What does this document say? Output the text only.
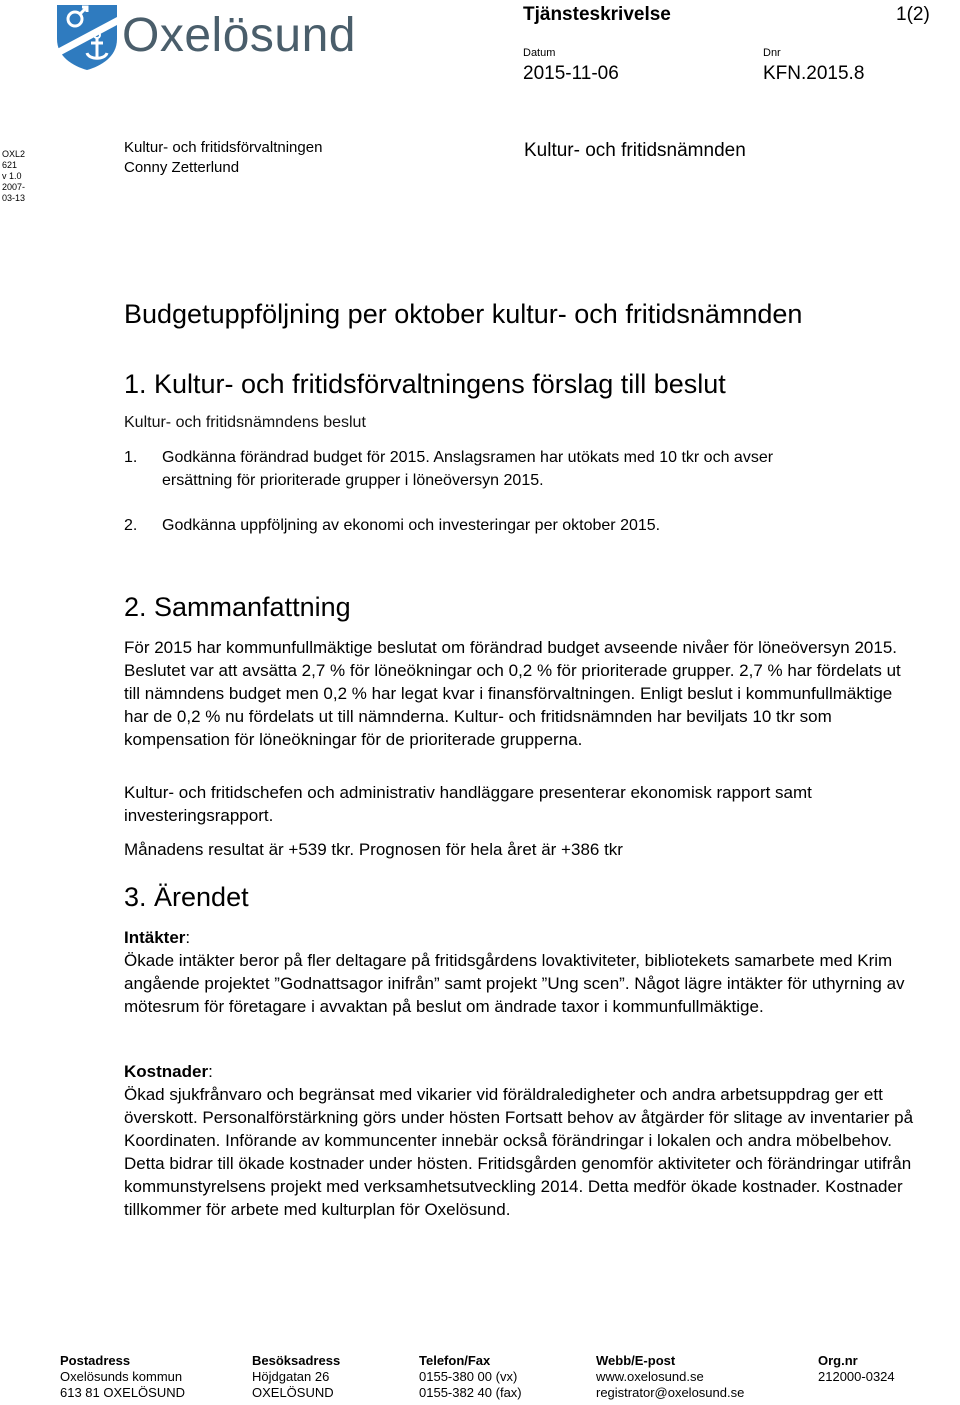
Oxelösund	Tjänsteskrivelse	1(2)
Datum	Dnr
2015-11-06	KFN.2015.8
OXL2
621
v 1.0
2007-
03-13
Kultur- och fritidsförvaltningen
Conny Zetterlund
Kultur- och fritidsnämnden
Budgetuppföljning per oktober kultur- och fritidsnämnden
1. Kultur- och fritidsförvaltningens förslag till beslut
Kultur- och fritidsnämndens beslut
1. Godkänna förändrad budget för 2015. Anslagsramen har utökats med 10 tkr och avser ersättning för prioriterade grupper i löneöversyn 2015.
2. Godkänna uppföljning av ekonomi och investeringar per oktober 2015.
2. Sammanfattning
För 2015 har kommunfullmäktige beslutat om förändrad budget avseende nivåer för löneöversyn 2015. Beslutet var att avsätta 2,7 % för löneökningar och 0,2 % för prioriterade grupper. 2,7 % har fördelats ut till nämndens budget men 0,2 % har legat kvar i finansförvaltningen. Enligt beslut i kommunfullmäktige har de 0,2 % nu fördelats ut till nämnderna. Kultur- och fritidsnämnden har beviljats 10 tkr som kompensation för löneökningar för de prioriterade gruppernа.
Kultur- och fritidschefen och administrativ handläggare presenterar ekonomisk rapport samt investeringsrapport.
Månadens resultat är +539 tkr. Prognosen för hela året är +386 tkr
3. Ärendet
Intäkter:
Ökade intäkter beror på fler deltagare på fritidsgårdens lovaktiviteter, bibliotekets samarbete med Krim angående projektet ”Godnattsagor inifrån” samt projekt ”Ung scen”. Något lägre intäkter för uthyrning av mötesrum för företagare i avvaktan på beslut om ändrade taxor i kommunfullmäktige.
Kostnader:
Ökad sjukfrånvaro och begränsat med vikarier vid föräldraledigheter och andra arbetsuppdrag ger ett överskott. Personalförstärkning görs under hösten Fortsatt behov av åtgärder för slitage av inventarier på Koordinaten. Införande av kommuncenter innebär också förändringar i lokalen och andra möbelbehov. Detta bidrar till ökade kostnader under hösten. Fritidsgården genomför aktiviteter och förändringar utifrån kommunstyrelsens projekt med verksamhetsutveckling 2014. Detta medför ökade kostnader. Kostnader tillkommer för arbete med kulturplan för Oxelösund.
Postadress
Oxelösunds kommun
613 81 OXELÖSUND
Besöksadress
Höjdgatan 26
OXELÖSUND
Telefon/Fax
0155-380 00 (vx)
0155-382 40 (fax)
Webb/E-post
www.oxelosund.se
registrator@oxelosund.se
Org.nr
212000-0324
